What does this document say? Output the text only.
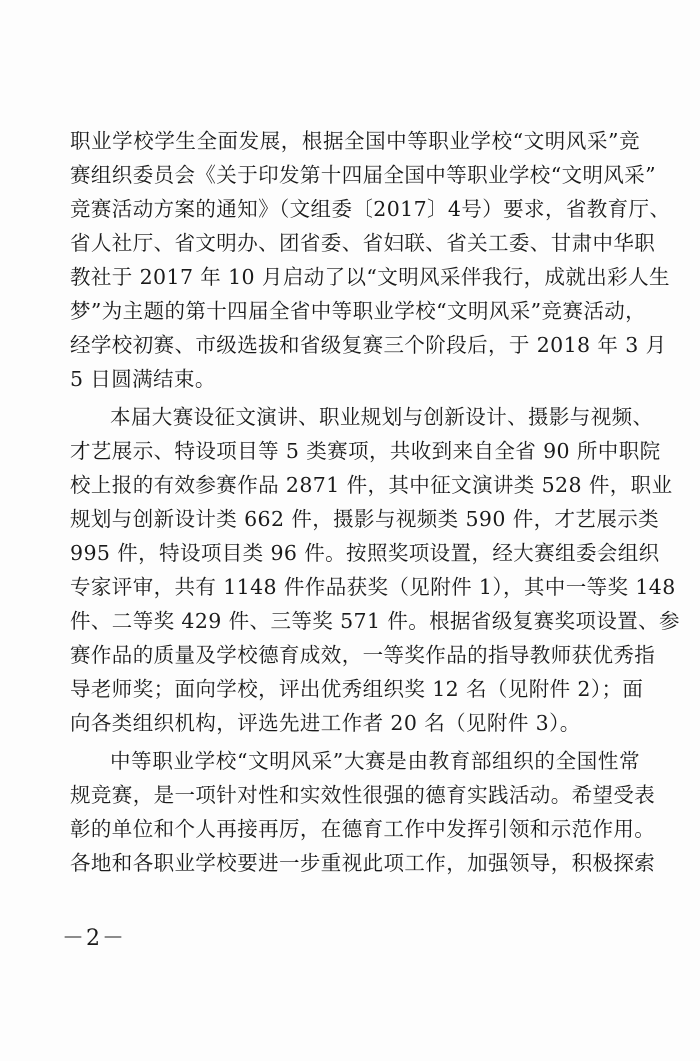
职业学校学生全面发展，根据全国中等职业学校“文明风采”竞
赛组织委员会《关于印发第十四届全国中等职业学校“文明风采”
竞赛活动方案的通知》（文组委〔2017〕4号）要求，省教育厅、
省人社厅、省文明办、团省委、省妇联、省关工委、甘肃中华职
教社于 2017 年 10 月启动了以“文明风采伴我行，成就出彩人生
梦”为主题的第十四届全省中等职业学校“文明风采”竞赛活动，
经学校初赛、市级选拔和省级复赛三个阶段后，于 2018 年 3 月
5 日圆满结束。
本届大赛设征文演讲、职业规划与创新设计、摄影与视频、
才艺展示、特设项目等 5 类赛项，共收到来自全省 90 所中职院
校上报的有效参赛作品 2871 件，其中征文演讲类 528 件，职业
规划与创新设计类 662 件，摄影与视频类 590 件，才艺展示类
995 件，特设项目类 96 件。按照奖项设置，经大赛组委会组织
专家评审，共有 1148 件作品获奖（见附件 1），其中一等奖 148
件、二等奖 429 件、三等奖 571 件。根据省级复赛奖项设置、参
赛作品的质量及学校德育成效，一等奖作品的指导教师获优秀指
导老师奖；面向学校，评出优秀组织奖 12 名（见附件 2）；面
向各类组织机构，评选先进工作者 20 名（见附件 3）。
中等职业学校“文明风采”大赛是由教育部组织的全国性常
规竞赛，是一项针对性和实效性很强的德育实践活动。希望受表
彰的单位和个人再接再厉，在德育工作中发挥引领和示范作用。
各地和各职业学校要进一步重视此项工作，加强领导，积极探索
－2－
